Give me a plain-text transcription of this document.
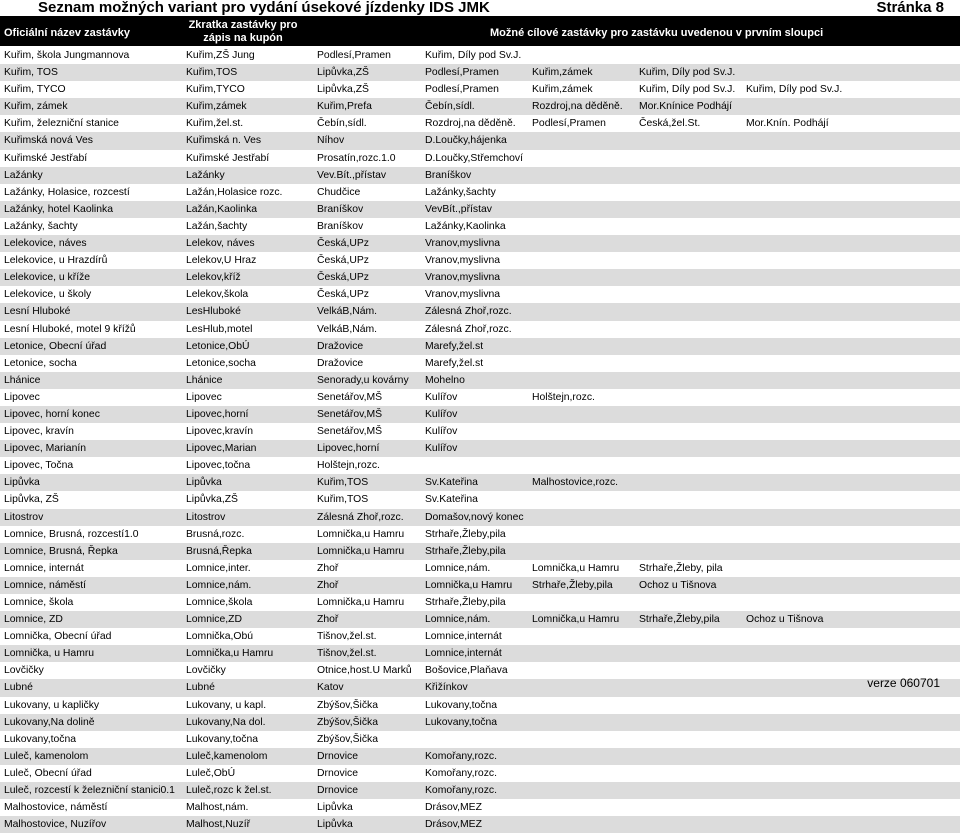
Seznam možných variant pro vydání úsekové jízdenky IDS JMK	Stránka 8
Oficiální název zastávky
Zkratka zastávky pro zápis na kupón	Možné cílové zastávky pro zastávku uvedenou v prvním sloupci
Kuřim, škola Jungmannova	Kuřim,ZŠ Jung	Podlesí,Pramen	Kuřim, Díly pod Sv.J.
Kuřim, TOS	Kuřim,TOS	Lipůvka,ZŠ	Podlesí,Pramen	Kuřim,zámek	Kuřim, Díly pod Sv.J.
Kuřim, TYCO	Kuřim,TYCO	Lipůvka,ZŠ	Podlesí,Pramen	Kuřim,zámek	Kuřim, Díly pod Sv.J.	Kuřim, Díly pod Sv.J.
Kuřim, zámek	Kuřim,zámek	Kuřim,Prefa	Čebín,sídl.	Rozdroj,na děděně.	Mor.Knínice Podhájí
Kuřim, železniční stanice	Kuřim,žel.st.	Čebín,sídl.	Rozdroj,na děděně.	Podlesí,Pramen	Česká,žel.St.	Mor.Knín. Podhájí
Kuřimská nová Ves	Kuřimská n. Ves	Níhov	D.Loučky,hájenka
Kuřimské Jestřabí	Kuřimské Jestřabí	Prosatín,rozc.1.0	D.Loučky,Střemchoví
Lažánky	Lažánky	Vev.Bít.,přístav	Braníškov
Lažánky, Holasice, rozcestí	Lažán,Holasice rozc.	Chudčice	Lažánky,šachty
Lažánky, hotel Kaolinka	Lažán,Kaolinka	Braníškov	VevBít.,přístav
Lažánky, šachty	Lažán,šachty	Braníškov	Lažánky,Kaolinka
Lelekovice, náves	Lelekov, náves	Česká,UPz	Vranov,myslivna
Lelekovice, u Hrazdírů	Lelekov,U Hraz	Česká,UPz	Vranov,myslivna
Lelekovice, u kříže	Lelekov,kříž	Česká,UPz	Vranov,myslivna
Lelekovice, u školy	Lelekov,škola	Česká,UPz	Vranov,myslivna
Lesní Hluboké	LesHluboké	VelkáB,Nám.	Zálesná Zhoř,rozc.
Lesní Hluboké, motel 9 křížů	LesHlub,motel	VelkáB,Nám.	Zálesná Zhoř,rozc.
Letonice, Obecní úřad	Letonice,ObÚ	Dražovice	Marefy,žel.st
Letonice, socha	Letonice,socha	Dražovice	Marefy,žel.st
Lhánice	Lhánice	Senorady,u kovárny	Mohelno
Lipovec	Lipovec	Senetářov,MŠ	Kulířov	Holštejn,rozc.
Lipovec, horní konec	Lipovec,horní	Senetářov,MŠ	Kulířov
Lipovec, kravín	Lipovec,kravín	Senetářov,MŠ	Kulířov
Lipovec, Marianín	Lipovec,Marian	Lipovec,horní	Kulířov
Lipovec, Točna	Lipovec,točna	Holštejn,rozc.
Lipůvka	Lipůvka	Kuřim,TOS	Sv.Kateřina	Malhostovice,rozc.
Lipůvka, ZŠ	Lipůvka,ZŠ	Kuřim,TOS	Sv.Kateřina
Litostrov	Litostrov	Zálesná Zhoř,rozc.	Domašov,nový konec
Lomnice, Brusná, rozcestí1.0	Brusná,rozc.	Lomnička,u Hamru	Strhaře,Žleby,pila
Lomnice, Brusná, Řepka	Brusná,Řepka	Lomnička,u Hamru	Strhaře,Žleby,pila
Lomnice, internát	Lomnice,inter.	Zhoř	Lomnice,nám.	Lomnička,u Hamru	Strhaře,Žleby, pila
Lomnice, náměstí	Lomnice,nám.	Zhoř	Lomnička,u Hamru	Strhaře,Žleby,pila	Ochoz u Tišnova
Lomnice, škola	Lomnice,škola	Lomnička,u Hamru	Strhaře,Žleby,pila
Lomnice, ZD	Lomnice,ZD	Zhoř	Lomnice,nám.	Lomnička,u Hamru	Strhaře,Žleby,pila	Ochoz u Tišnova
Lomnička, Obecní úřad	Lomnička,Obú	Tišnov,žel.st.	Lomnice,internát
Lomnička, u Hamru	Lomnička,u Hamru	Tišnov,žel.st.	Lomnice,internát
Lovčičky	Lovčičky	Otnice,host.U Marků	Bošovice,Plaňava
Lubné	Lubné	Katov	Křižínkov
Lukovany, u kapličky	Lukovany, u kapl.	Zbýšov,Šička	Lukovany,točna
Lukovany,Na dolině	Lukovany,Na dol.	Zbýšov,Šička	Lukovany,točna
Lukovany,točna	Lukovany,točna	Zbýšov,Šička
Luleč, kamenolom	Luleč,kamenolom	Drnovice	Komořany,rozc.
Luleč, Obecní úřad	Luleč,ObÚ	Drnovice	Komořany,rozc.
Luleč, rozcestí k železniční stanici0.1	Luleč,rozc k žel.st.	Drnovice	Komořany,rozc.
Malhostovice, náměstí	Malhost,nám.	Lipůvka	Drásov,MEZ
Malhostovice, Nuzířov	Malhost,Nuzíř	Lipůvka	Drásov,MEZ
verze 060701
